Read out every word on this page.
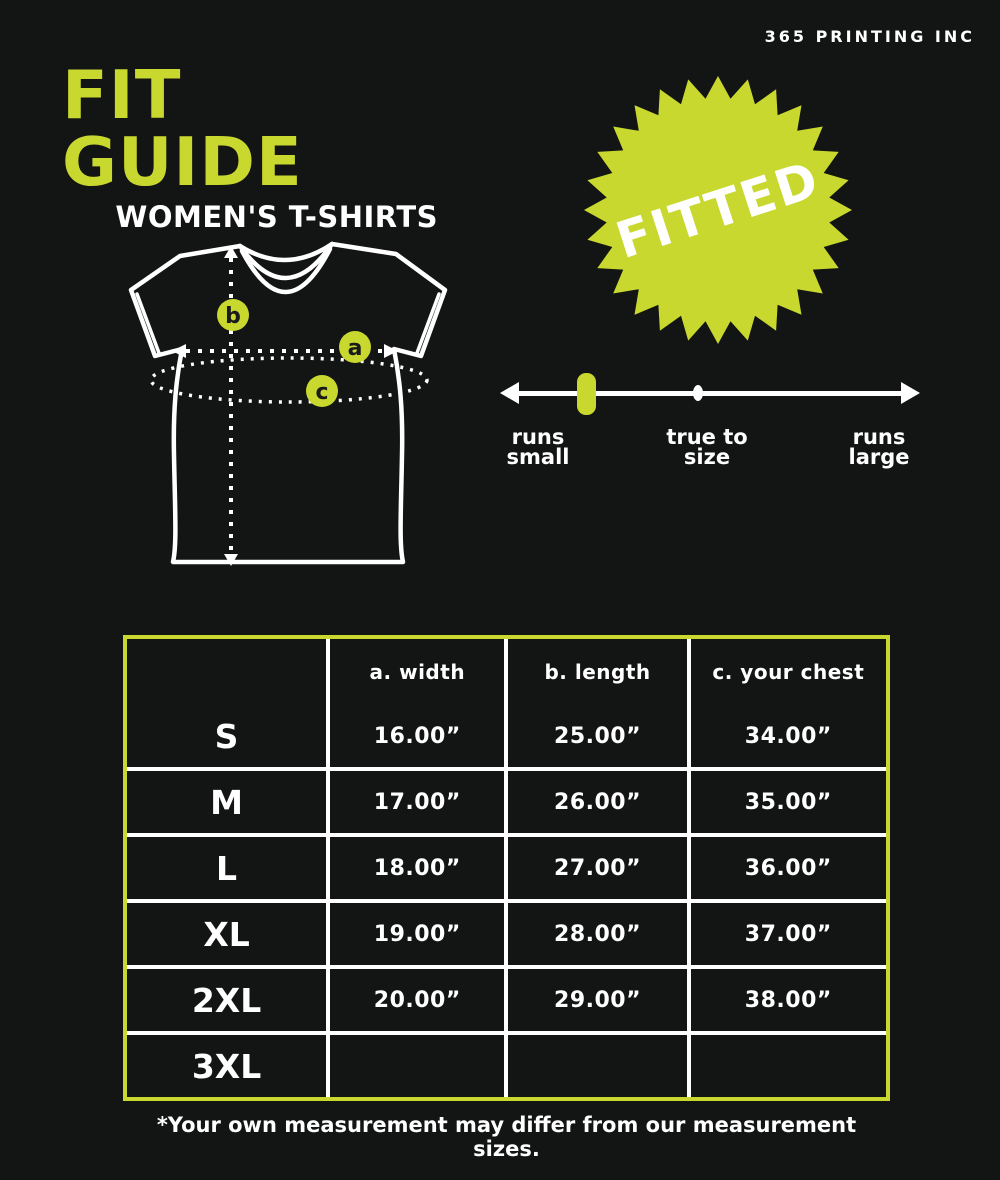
365 PRINTING INC
FIT GUIDE
WOMEN'S T-SHIRTS	FITTED
b
a
c
runs
small
true to
size
runs
large
	a. width	b. length	c. your chest
S	16.00”	25.00”	34.00”
M	17.00”	26.00”	35.00”
L	18.00”	27.00”	36.00”
XL	19.00”	28.00”	37.00”
2XL	20.00”	29.00”	38.00”
3XL			
*Your own measurement may differ from our measurement sizes.
